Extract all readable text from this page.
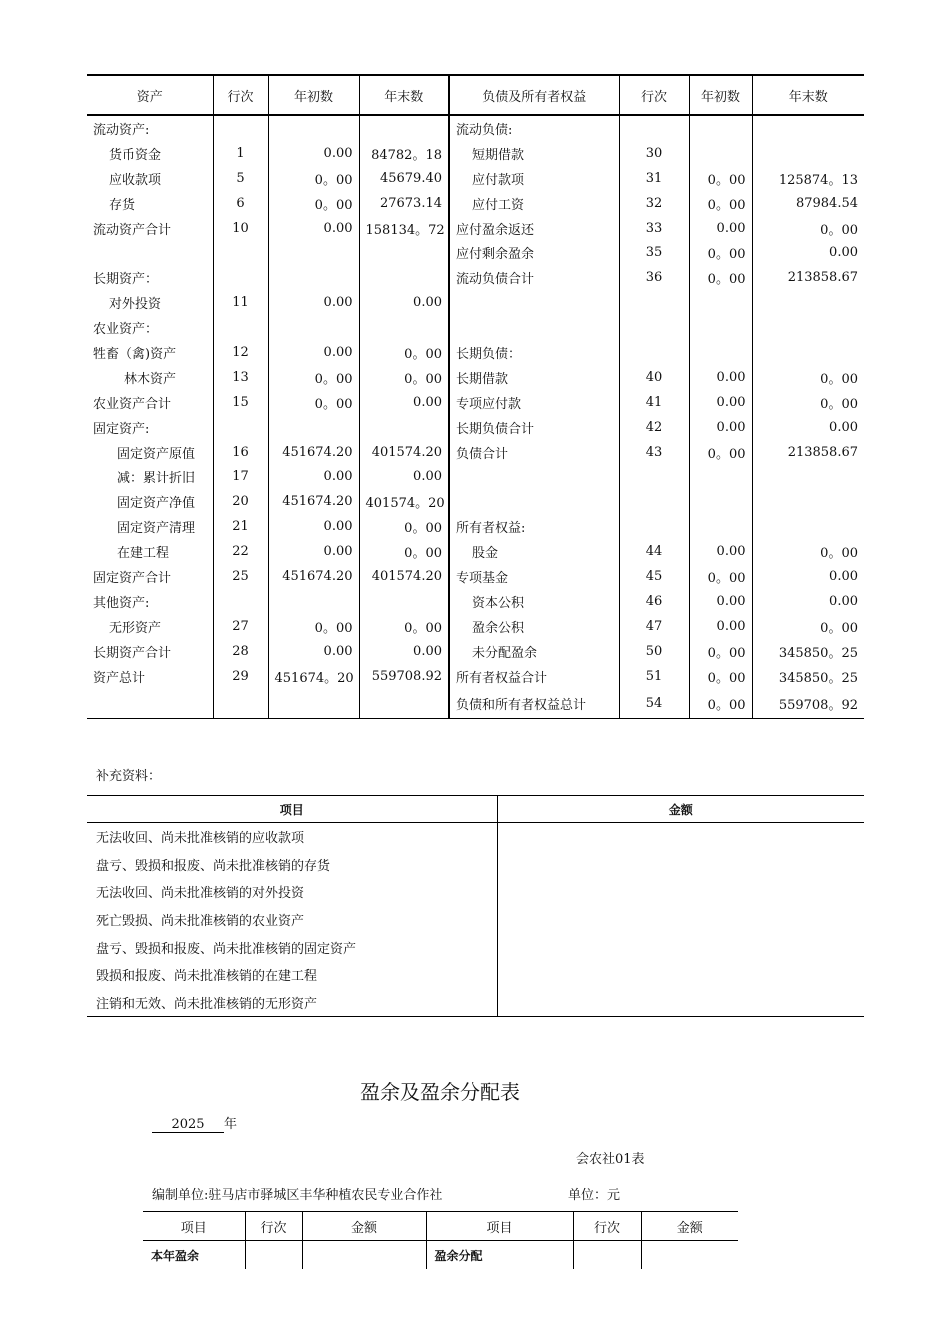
资产	行次	年初数	年末数	负债及所有者权益	行次	年初数	年末数
流动资产:				流动负债:			
货币资金	1	0.00	84782。18	短期借款	30		
应收款项	5	0。00	45679.40	应付款项	31	0。00	125874。13
存货	6	0。00	27673.14	应付工资	32	0。00	87984.54
流动资产合计	10	0.00	158134。72	应付盈余返还	33	0.00	0。00
				应付剩余盈余	35	0。00	0.00
长期资产：				流动负债合计	36	0。00	213858.67
对外投资	11	0.00	0.00				
农业资产：							
牲畜（禽)资产	12	0.00	0。00	长期负债：			
林木资产	13	0。00	0。00	长期借款	40	0.00	0。00
农业资产合计	15	0。00	0.00	专项应付款	41	0.00	0。00
固定资产:				长期负债合计	42	0.00	0.00
固定资产原值	16	451674.20	401574.20	负债合计	43	0。00	213858.67
减：累计折旧	17	0.00	0.00				
固定资产净值	20	451674.20	401574。20				
固定资产清理	21	0.00	0。00	所有者权益:			
在建工程	22	0.00	0。00	股金	44	0.00	0。00
固定资产合计	25	451674.20	401574.20	专项基金	45	0。00	0.00
其他资产:				资本公积	46	0.00	0.00
无形资产	27	0。00	0。00	盈余公积	47	0.00	0。00
长期资产合计	28	0.00	0.00	未分配盈余	50	0。00	345850。25
资产总计	29	451674。20	559708.92	所有者权益合计	51	0。00	345850。25
				负债和所有者权益总计	54	0。00	559708。92
补充资料：
项目	金额
无法收回、尚未批准核销的应收款项	
盘亏、毁损和报废、尚未批准核销的存货	
无法收回、尚未批准核销的对外投资	
死亡毁损、尚未批准核销的农业资产	
盘亏、毁损和报废、尚未批准核销的固定资产	
毁损和报废、尚未批准核销的在建工程	
注销和无效、尚未批准核销的无形资产	
盈余及盈余分配表
2025 年
会农社01表
编制单位:驻马店市驿城区丰华种植农民专业合作社	单位：元
项目	行次	金额	项目	行次	金额
本年盈余			盈余分配		
